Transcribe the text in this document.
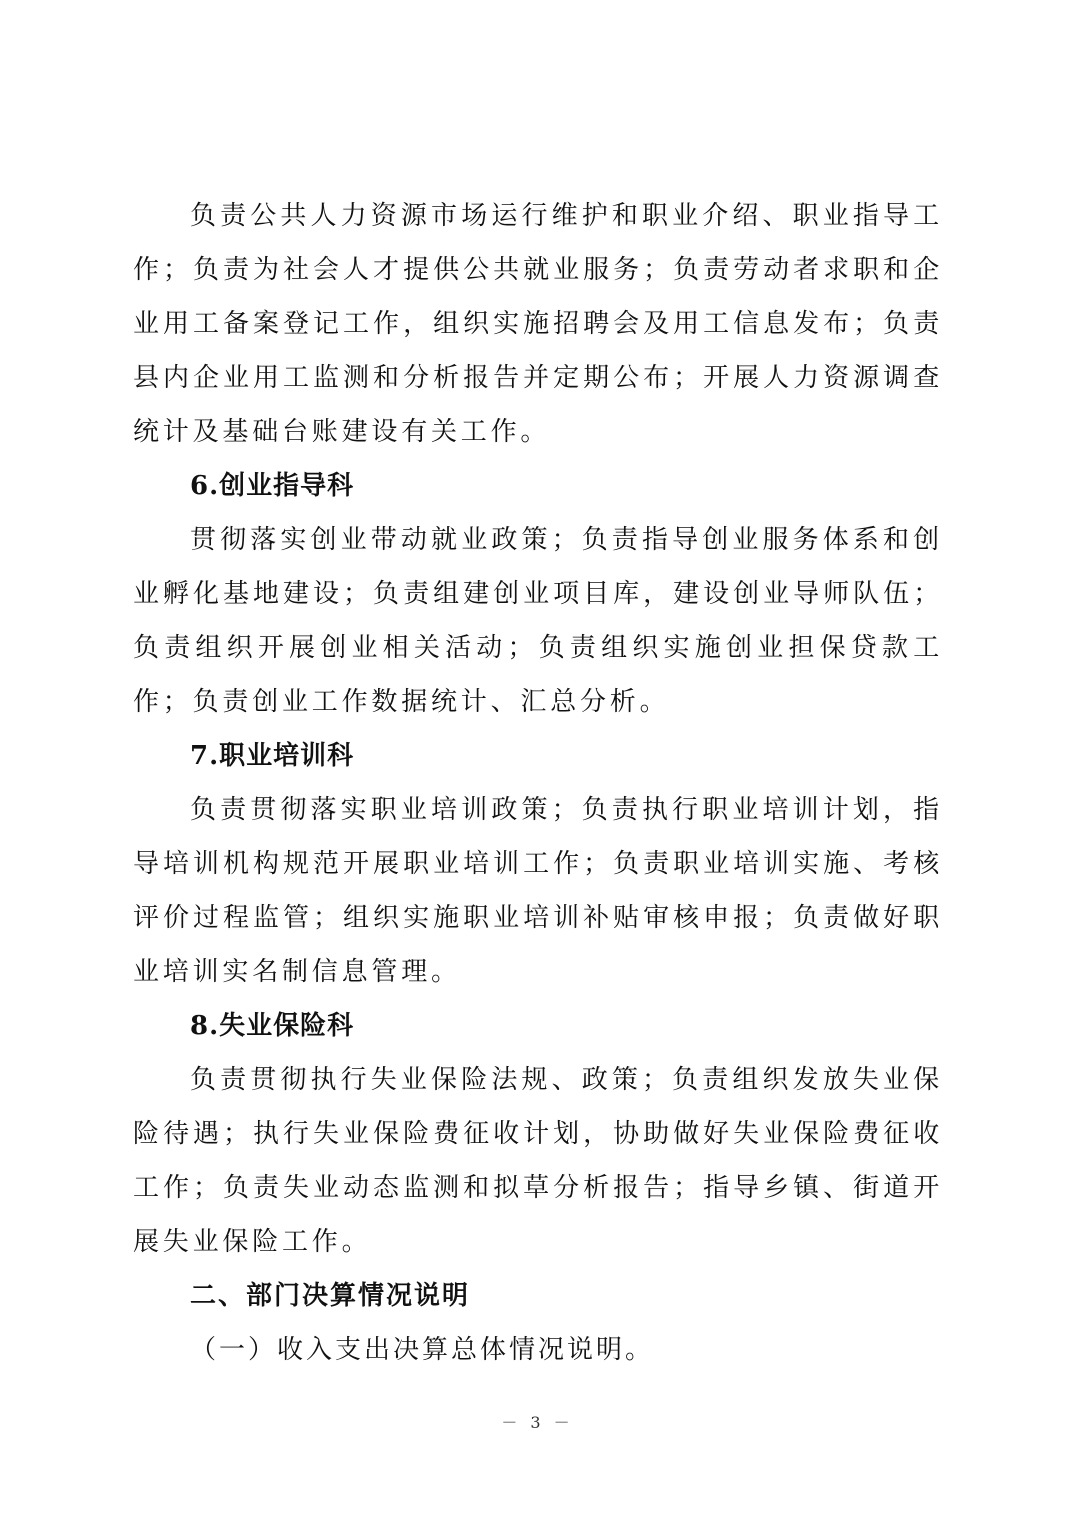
负责公共人力资源市场运行维护和职业介绍、职业指导工作；负责为社会人才提供公共就业服务；负责劳动者求职和企业用工备案登记工作，组织实施招聘会及用工信息发布；负责县内企业用工监测和分析报告并定期公布；开展人力资源调查统计及基础台账建设有关工作。

6.创业指导科

贯彻落实创业带动就业政策；负责指导创业服务体系和创业孵化基地建设；负责组建创业项目库，建设创业导师队伍；负责组织开展创业相关活动；负责组织实施创业担保贷款工作；负责创业工作数据统计、汇总分析。

7.职业培训科

负责贯彻落实职业培训政策；负责执行职业培训计划，指导培训机构规范开展职业培训工作；负责职业培训实施、考核评价过程监管；组织实施职业培训补贴审核申报；负责做好职业培训实名制信息管理。

8.失业保险科

负责贯彻执行失业保险法规、政策；负责组织发放失业保险待遇；执行失业保险费征收计划，协助做好失业保险费征收工作；负责失业动态监测和拟草分析报告；指导乡镇、街道开展失业保险工作。

二、部门决算情况说明

（一）收入支出决算总体情况说明。

－ 3 －
